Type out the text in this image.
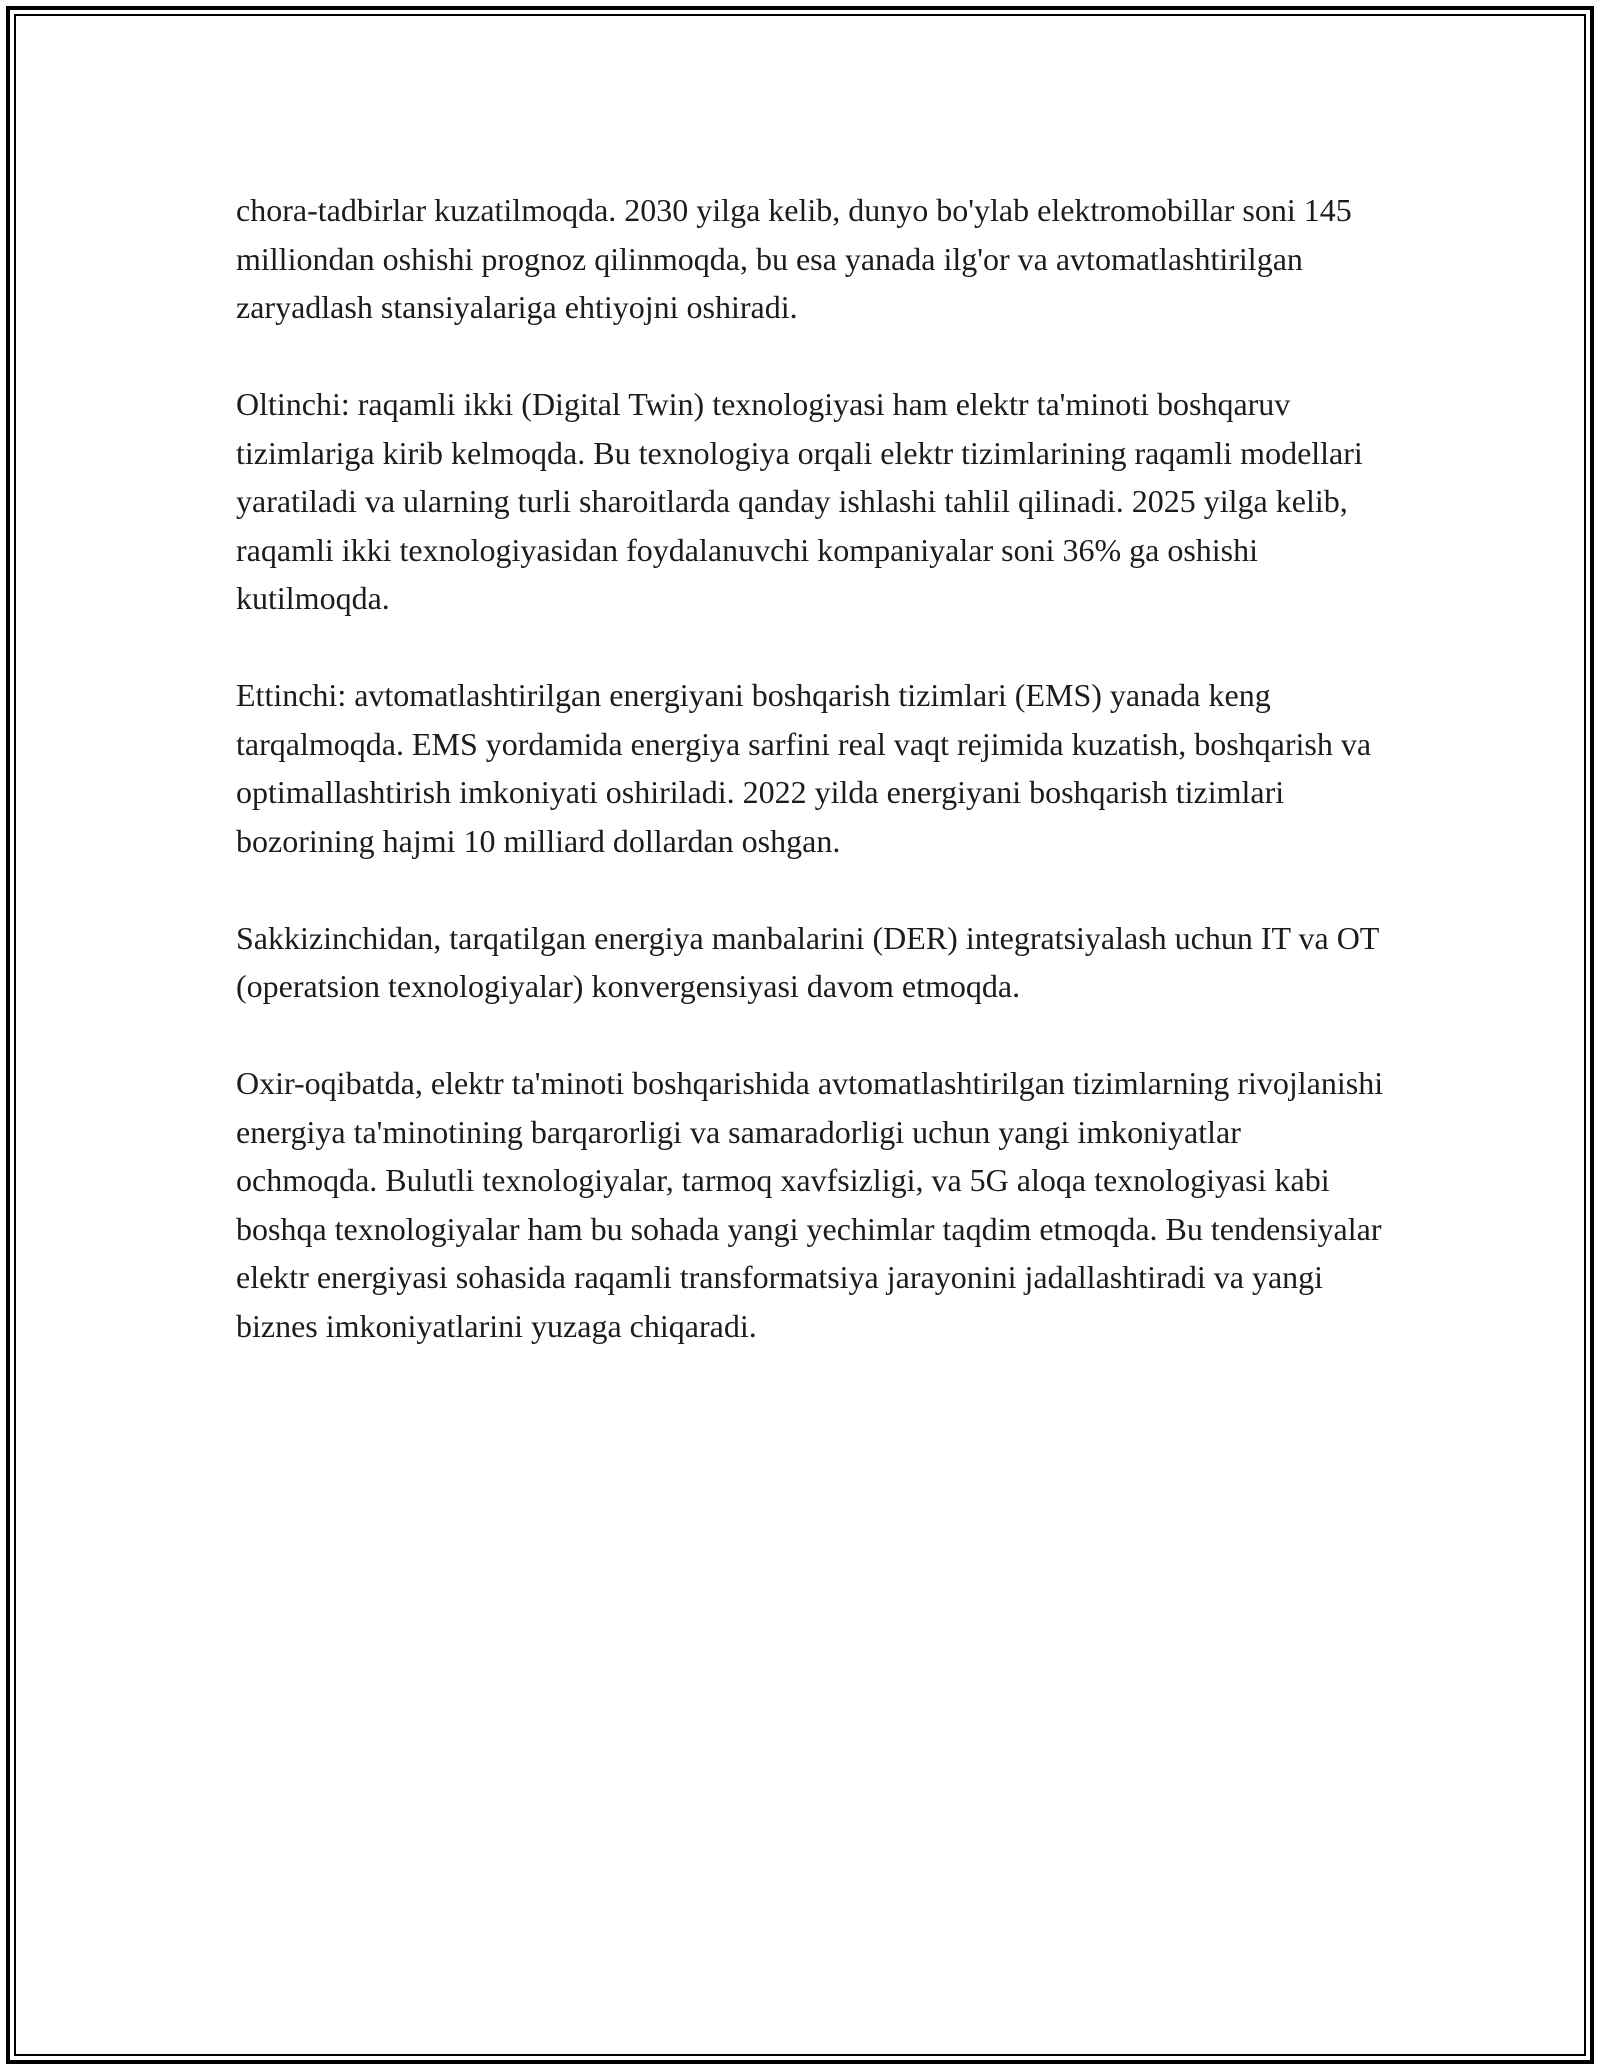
chora-tadbirlar kuzatilmoqda. 2030 yilga kelib, dunyo bo'ylab elektromobillar soni 145 milliondan oshishi prognoz qilinmoqda, bu esa yanada ilg'or va avtomatlashtirilgan zaryadlash stansiyalariga ehtiyojni oshiradi.

Oltinchi: raqamli ikki (Digital Twin) texnologiyasi ham elektr ta'minoti boshqaruv tizimlariga kirib kelmoqda. Bu texnologiya orqali elektr tizimlarining raqamli modellari yaratiladi va ularning turli sharoitlarda qanday ishlashi tahlil qilinadi. 2025 yilga kelib, raqamli ikki texnologiyasidan foydalanuvchi kompaniyalar soni 36% ga oshishi kutilmoqda.

Ettinchi: avtomatlashtirilgan energiyani boshqarish tizimlari (EMS) yanada keng tarqalmoqda. EMS yordamida energiya sarfini real vaqt rejimida kuzatish, boshqarish va optimallashtirish imkoniyati oshiriladi. 2022 yilda energiyani boshqarish tizimlari bozorining hajmi 10 milliard dollardan oshgan.

Sakkizinchidan, tarqatilgan energiya manbalarini (DER) integratsiyalash uchun IT va OT (operatsion texnologiyalar) konvergensiyasi davom etmoqda.

Oxir-oqibatda, elektr ta'minoti boshqarishida avtomatlashtirilgan tizimlarning rivojlanishi energiya ta'minotining barqarorligi va samaradorligi uchun yangi imkoniyatlar ochmoqda. Bulutli texnologiyalar, tarmoq xavfsizligi, va 5G aloqa texnologiyasi kabi boshqa texnologiyalar ham bu sohada yangi yechimlar taqdim etmoqda. Bu tendensiyalar elektr energiyasi sohasida raqamli transformatsiya jarayonini jadallashtiradi va yangi biznes imkoniyatlarini yuzaga chiqaradi.
